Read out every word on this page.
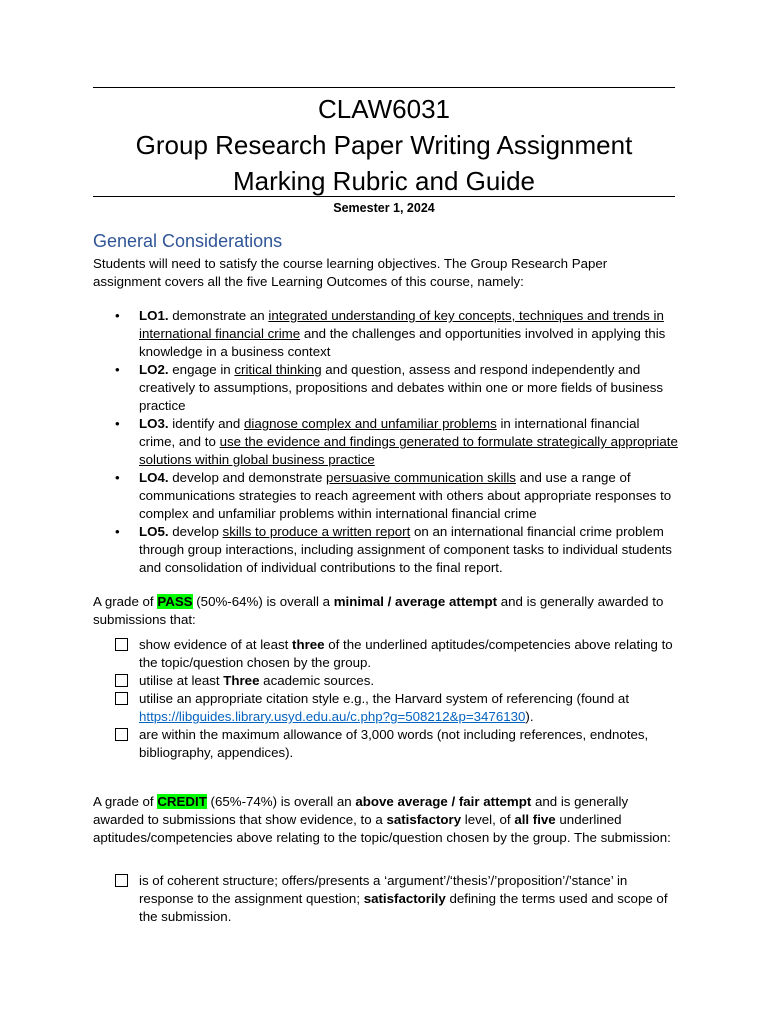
CLAW6031
Group Research Paper Writing Assignment
Marking Rubric and Guide
Semester 1, 2024
General Considerations
Students will need to satisfy the course learning objectives. The Group Research Paper assignment covers all the five Learning Outcomes of this course, namely:
• LO1. demonstrate an integrated understanding of key concepts, techniques and trends in international financial crime and the challenges and opportunities involved in applying this knowledge in a business context
• LO2. engage in critical thinking and question, assess and respond independently and creatively to assumptions, propositions and debates within one or more fields of business practice
• LO3. identify and diagnose complex and unfamiliar problems in international financial crime, and to use the evidence and findings generated to formulate strategically appropriate solutions within global business practice
• LO4. develop and demonstrate persuasive communication skills and use a range of communications strategies to reach agreement with others about appropriate responses to complex and unfamiliar problems within international financial crime
• LO5. develop skills to produce a written report on an international financial crime problem through group interactions, including assignment of component tasks to individual students and consolidation of individual contributions to the final report.
A grade of PASS (50%-64%) is overall a minimal / average attempt and is generally awarded to submissions that:
show evidence of at least three of the underlined aptitudes/competencies above relating to the topic/question chosen by the group.
utilise at least Three academic sources.
utilise an appropriate citation style e.g., the Harvard system of referencing (found at https://libguides.library.usyd.edu.au/c.php?g=508212&p=3476130).
are within the maximum allowance of 3,000 words (not including references, endnotes, bibliography, appendices).
A grade of CREDIT (65%-74%) is overall an above average / fair attempt and is generally awarded to submissions that show evidence, to a satisfactory level, of all five underlined aptitudes/competencies above relating to the topic/question chosen by the group. The submission:
is of coherent structure; offers/presents a ‘argument’/‘thesis’/’proposition’/’stance’ in response to the assignment question; satisfactorily defining the terms used and scope of the submission.
